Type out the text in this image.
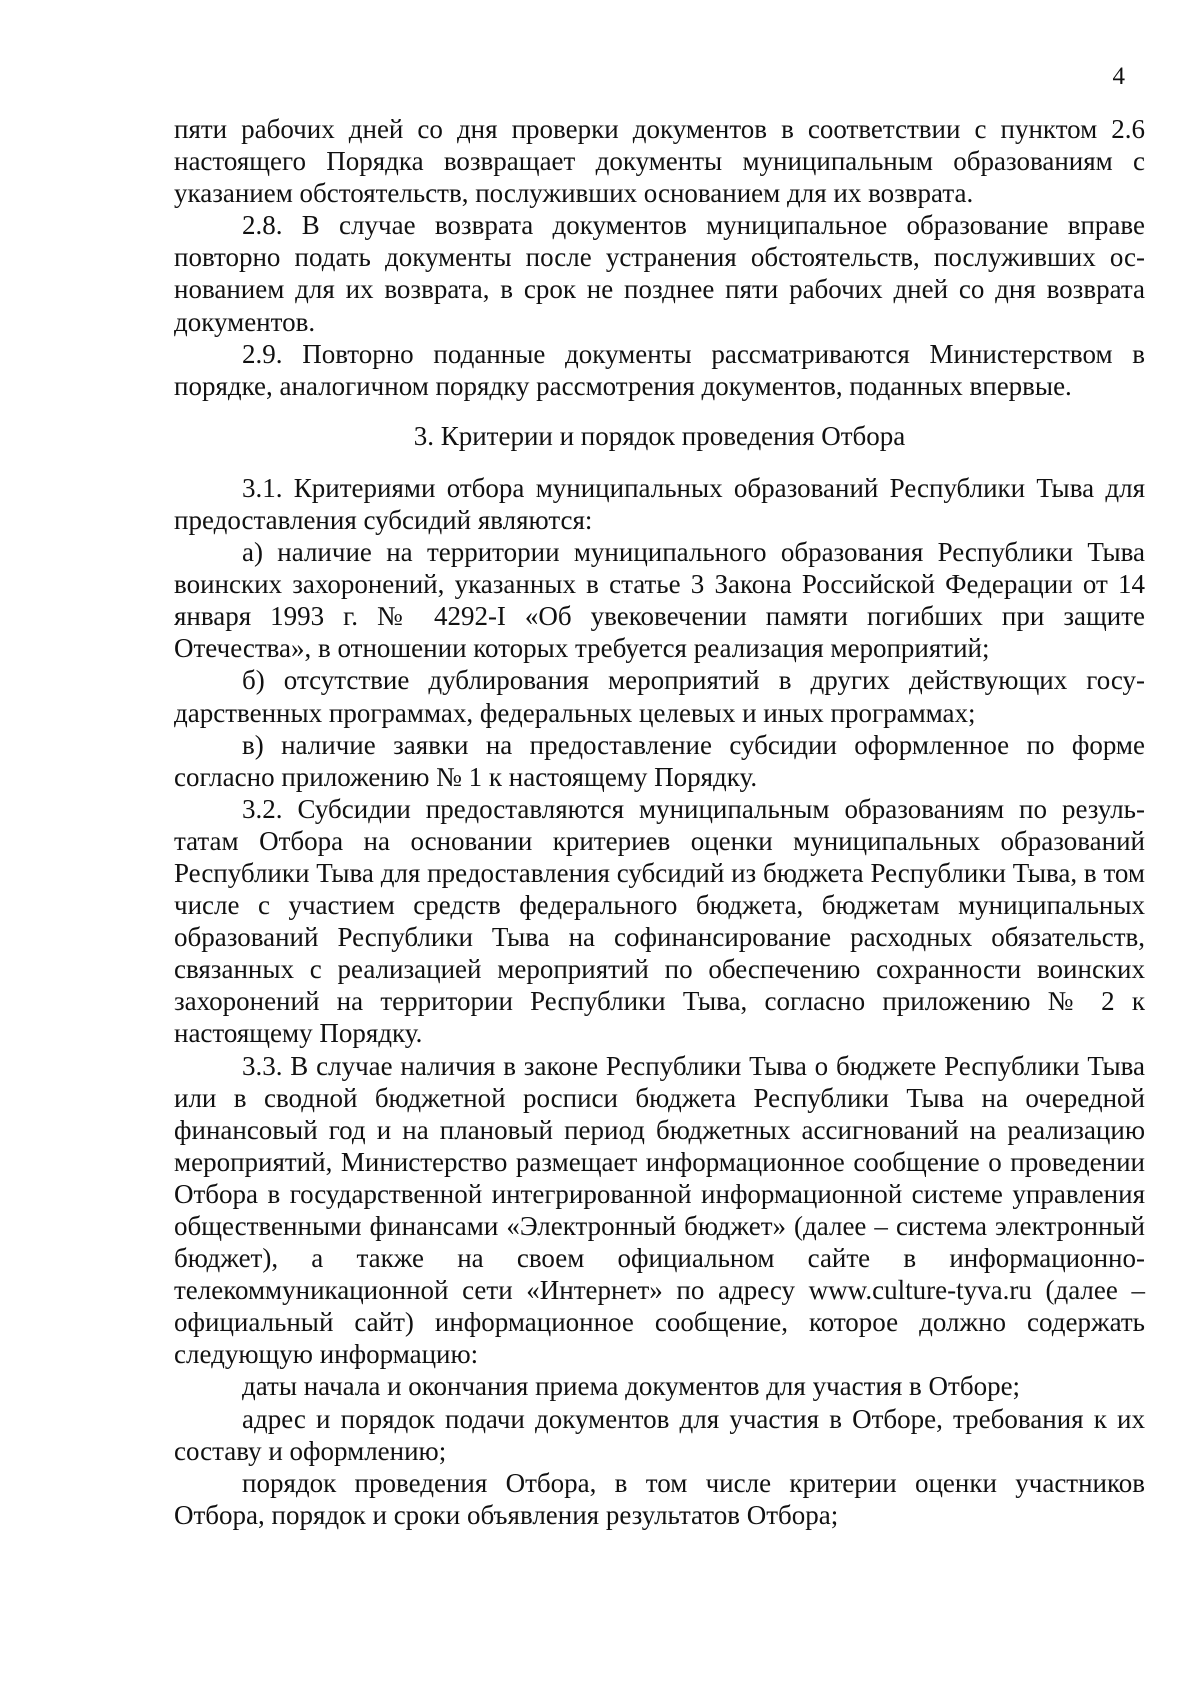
4

пяти рабочих дней со дня проверки документов в соответствии с пунктом 2.6 настоящего Порядка возвращает документы муниципальным образованиям с указанием обстоятельств, послуживших основанием для их возврата.

2.8. В случае возврата документов муниципальное образование вправе повторно подать документы после устранения обстоятельств, послуживших основанием для их возврата, в срок не позднее пяти рабочих дней со дня возврата документов.

2.9. Повторно поданные документы рассматриваются Министерством в порядке, аналогичном порядку рассмотрения документов, поданных впервые.

3. Критерии и порядок проведения Отбора

3.1. Критериями отбора муниципальных образований Республики Тыва для предоставления субсидий являются:

а) наличие на территории муниципального образования Республики Тыва воинских захоронений, указанных в статье 3 Закона Российской Федерации от 14 января 1993 г. № 4292-I «Об увековечении памяти погибших при защите Отечества», в отношении которых требуется реализация мероприятий;

б) отсутствие дублирования мероприятий в других действующих государственных программах, федеральных целевых и иных программах;

в) наличие заявки на предоставление субсидии оформленное по форме согласно приложению № 1 к настоящему Порядку.

3.2. Субсидии предоставляются муниципальным образованиям по результатам Отбора на основании критериев оценки муниципальных образований Республики Тыва для предоставления субсидий из бюджета Республики Тыва, в том числе с участием средств федерального бюджета, бюджетам муниципальных образований Республики Тыва на софинансирование расходных обязательств, связанных с реализацией мероприятий по обеспечению сохранности воинских захоронений на территории Республики Тыва, согласно приложению № 2 к настоящему Порядку.

3.3. В случае наличия в законе Республики Тыва о бюджете Республики Тыва или в сводной бюджетной росписи бюджета Республики Тыва на очередной финансовый год и на плановый период бюджетных ассигнований на реализацию мероприятий, Министерство размещает информационное сообщение о проведении Отбора в государственной интегрированной информационной системе управления общественными финансами «Электронный бюджет» (далее – система электронный бюджет), а также на своем официальном сайте в информационно-телекоммуникационной сети «Интернет» по адресу www.culture-tyva.ru (далее – официальный сайт) информационное сообщение, которое должно содержать следующую информацию:

даты начала и окончания приема документов для участия в Отборе;

адрес и порядок подачи документов для участия в Отборе, требования к их составу и оформлению;

порядок проведения Отбора, в том числе критерии оценки участников Отбора, порядок и сроки объявления результатов Отбора;
